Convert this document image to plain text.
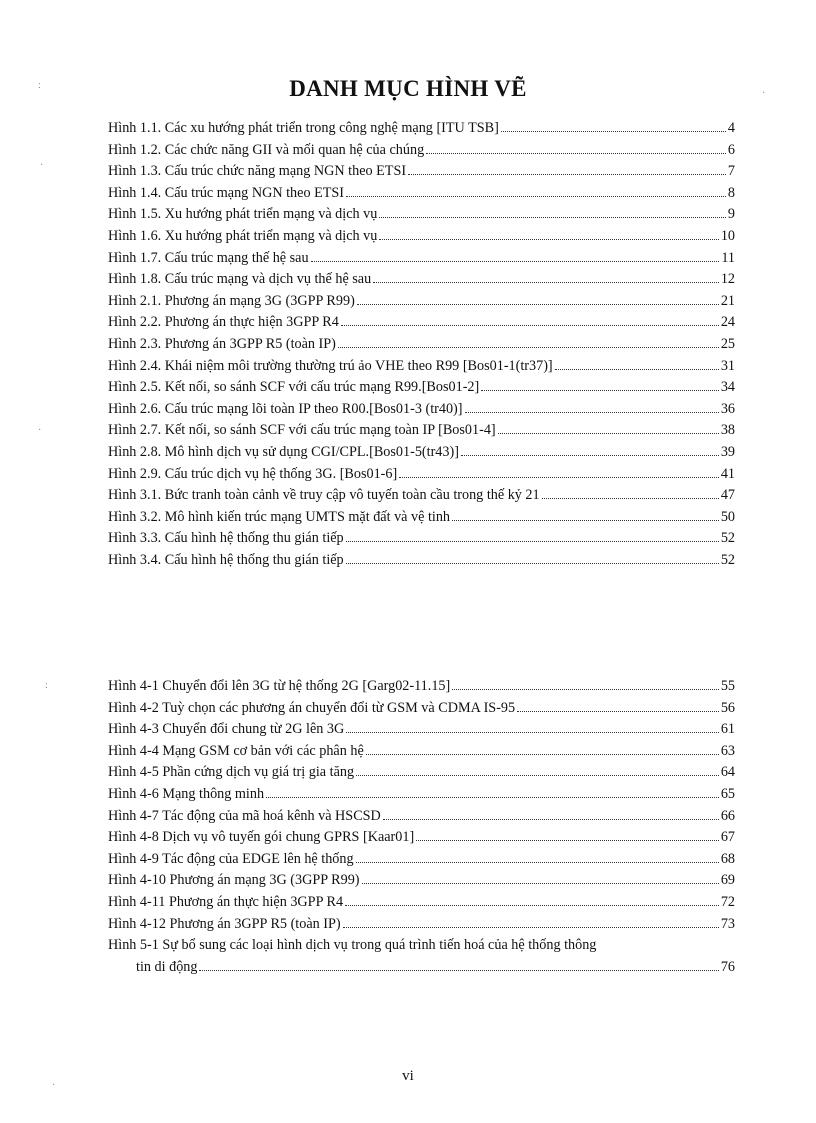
DANH MỤC HÌNH VẼ
Hình 1.1. Các xu hướng phát triển trong công nghệ mạng [ITU TSB]	4
Hình 1.2. Các chức năng GII và mối quan hệ của chúng	6
Hình 1.3. Cấu trúc chức năng mạng NGN theo ETSI	7
Hình 1.4. Cấu trúc mạng NGN theo ETSI	8
Hình 1.5. Xu hướng phát triển mạng và dịch vụ	9
Hình 1.6. Xu hướng phát triển mạng và dịch vụ	10
Hình 1.7. Cấu trúc mạng thế hệ sau	11
Hình 1.8. Cấu trúc mạng và dịch vụ thế hệ sau	12
Hình 2.1. Phương án mạng 3G (3GPP R99)	21
Hình 2.2. Phương án thực hiện 3GPP R4	24
Hình 2.3. Phương án 3GPP R5 (toàn IP)	25
Hình 2.4. Khái niệm môi trường thường trú ảo VHE theo R99 [Bos01-1(tr37)]	31
Hình 2.5. Kết nối, so sánh SCF với cấu trúc mạng R99.[Bos01-2]	34
Hình 2.6. Cấu trúc mạng lõi toàn IP theo R00.[Bos01-3 (tr40)]	36
Hình 2.7. Kết nối, so sánh SCF với cấu trúc mạng toàn IP [Bos01-4]	38
Hình 2.8. Mô hình dịch vụ sử dụng CGI/CPL.[Bos01-5(tr43)]	39
Hình 2.9. Cấu trúc dịch vụ hệ thống 3G. [Bos01-6]	41
Hình 3.1. Bức tranh toàn cảnh về truy cập vô tuyến toàn cầu trong thế kỷ 21	47
Hình 3.2. Mô hình kiến trúc mạng UMTS mặt đất và vệ tinh	50
Hình 3.3. Cấu hình hệ thống thu gián tiếp	52
Hình 3.4. Cấu hình hệ thống thu gián tiếp	52
Hình 4-1 Chuyển đổi lên 3G từ hệ thống 2G [Garg02-11.15]	55
Hình 4-2 Tuỳ chọn các phương án chuyển đổi từ GSM và CDMA IS-95	56
Hình 4-3 Chuyển đổi chung từ 2G lên 3G	61
Hình 4-4 Mạng GSM cơ bản với các phân hệ	63
Hình 4-5 Phần cứng dịch vụ giá trị gia tăng	64
Hình 4-6 Mạng thông minh	65
Hình 4-7 Tác động của mã hoá kênh và HSCSD	66
Hình 4-8 Dịch vụ vô tuyến gói chung GPRS [Kaar01]	67
Hình 4-9 Tác động của EDGE lên hệ thống	68
Hình 4-10 Phương án mạng 3G (3GPP R99)	69
Hình 4-11 Phương án thực hiện 3GPP R4	72
Hình 4-12 Phương án 3GPP R5 (toàn IP)	73
Hình 5-1 Sự bổ sung các loại hình dịch vụ trong quá trình tiến hoá của hệ thống thông
tin di động	76
vi
:
·
·
·
:
·
